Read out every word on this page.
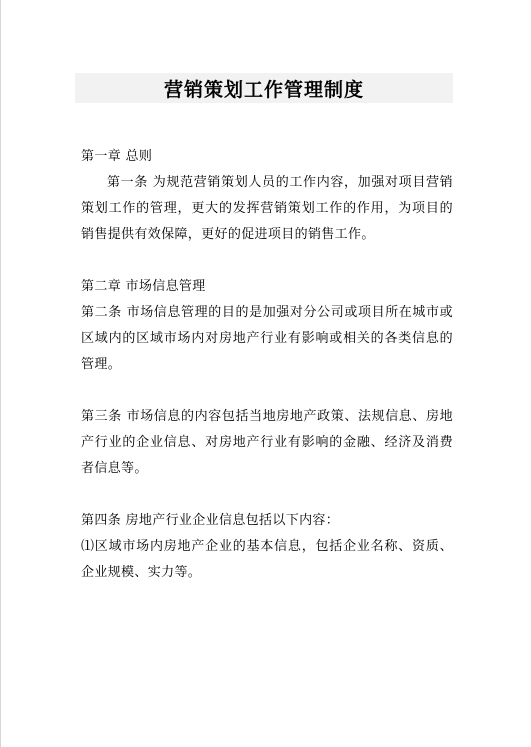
营销策划工作管理制度

第一章 总则

第一条 为规范营销策划人员的工作内容，加强对项目营销策划工作的管理，更大的发挥营销策划工作的作用，为项目的销售提供有效保障，更好的促进项目的销售工作。

第二章 市场信息管理

第二条 市场信息管理的目的是加强对分公司或项目所在城市或区域内的区域市场内对房地产行业有影响或相关的各类信息的管理。

第三条 市场信息的内容包括当地房地产政策、法规信息、房地产行业的企业信息、对房地产行业有影响的金融、经济及消费者信息等。

第四条 房地产行业企业信息包括以下内容：

⑴区域市场内房地产企业的基本信息，包括企业名称、资质、企业规模、实力等。
